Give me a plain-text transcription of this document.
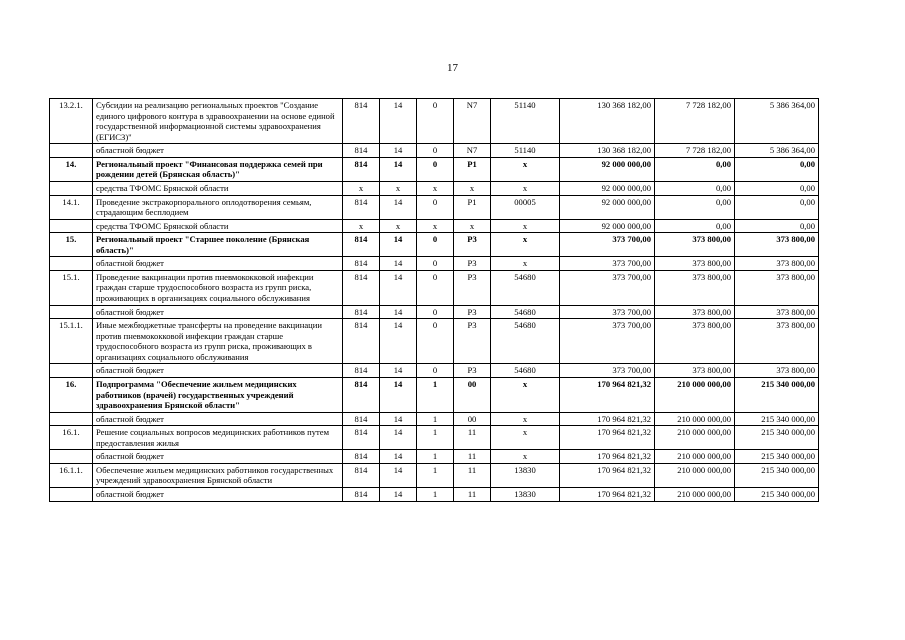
17
13.2.1.	Субсидии на реализацию региональных проектов "Создание единого цифрового контура в здравоохранении на основе единой государственной информационной системы здравоохранения (ЕГИСЗ)"	814	14	0	N7	51140	130 368 182,00	7 728 182,00	5 386 364,00
	областной бюджет	814	14	0	N7	51140	130 368 182,00	7 728 182,00	5 386 364,00
14.	Региональный проект "Финансовая поддержка семей при рождении детей (Брянская область)"	814	14	0	P1	x	92 000 000,00	0,00	0,00
	средства ТФОМС Брянской области	x	x	x	x	x	92 000 000,00	0,00	0,00
14.1.	Проведение экстракорпорального оплодотворения семьям, страдающим бесплодием	814	14	0	P1	00005	92 000 000,00	0,00	0,00
	средства ТФОМС Брянской области	x	x	x	x	x	92 000 000,00	0,00	0,00
15.	Региональный проект "Старшее поколение (Брянская область)"	814	14	0	P3	x	373 700,00	373 800,00	373 800,00
	областной бюджет	814	14	0	P3	x	373 700,00	373 800,00	373 800,00
15.1.	Проведение вакцинации против пневмококковой инфекции граждан старше трудоспособного возраста из групп риска, проживающих в организациях социального обслуживания	814	14	0	P3	54680	373 700,00	373 800,00	373 800,00
	областной бюджет	814	14	0	P3	54680	373 700,00	373 800,00	373 800,00
15.1.1.	Иные межбюджетные трансферты на проведение вакцинации против пневмококковой инфекции граждан старше трудоспособного возраста из групп риска, проживающих в организациях социального обслуживания	814	14	0	P3	54680	373 700,00	373 800,00	373 800,00
	областной бюджет	814	14	0	P3	54680	373 700,00	373 800,00	373 800,00
16.	Подпрограмма "Обеспечение жильем медицинских работников (врачей) государственных учреждений здравоохранения Брянской области"	814	14	1	00	x	170 964 821,32	210 000 000,00	215 340 000,00
	областной бюджет	814	14	1	00	x	170 964 821,32	210 000 000,00	215 340 000,00
16.1.	Решение социальных вопросов медицинских работников путем предоставления жилья	814	14	1	11	x	170 964 821,32	210 000 000,00	215 340 000,00
	областной бюджет	814	14	1	11	x	170 964 821,32	210 000 000,00	215 340 000,00
16.1.1.	Обеспечение жильем медицинских работников государственных учреждений здравоохранения Брянской области	814	14	1	11	13830	170 964 821,32	210 000 000,00	215 340 000,00
	областной бюджет	814	14	1	11	13830	170 964 821,32	210 000 000,00	215 340 000,00
